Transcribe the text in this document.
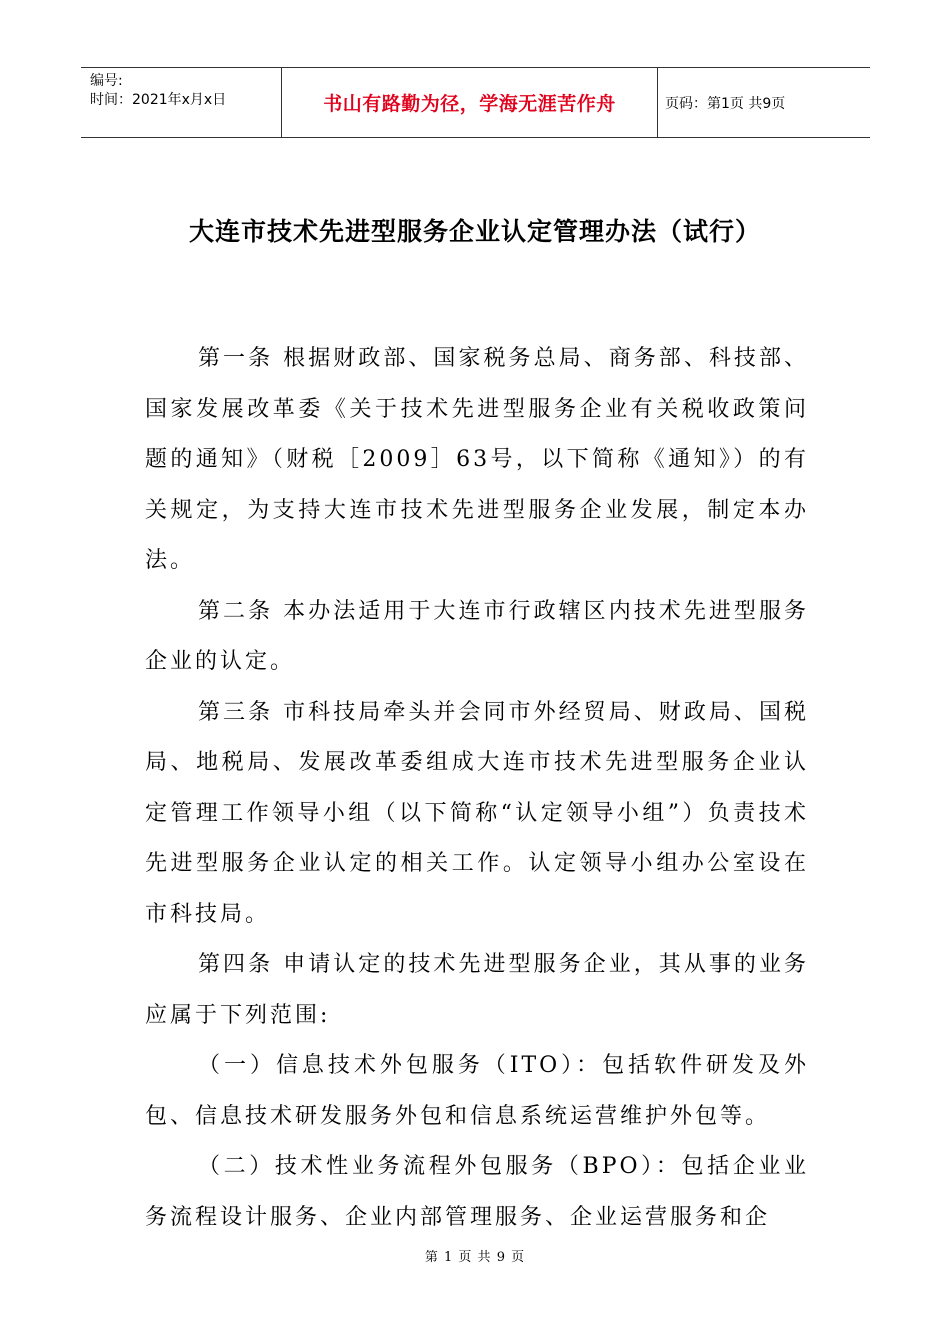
编号:
时间：2021年x月x日	书山有路勤为径，学海无涯苦作舟	页码：第1页 共9页
大连市技术先进型服务企业认定管理办法（试行）

第一条 根据财政部、国家税务总局、商务部、科技部、国家发展改革委《关于技术先进型服务企业有关税收政策问题的通知》（财税［2009］63号，以下简称《通知》）的有关规定，为支持大连市技术先进型服务企业发展，制定本办法。

第二条 本办法适用于大连市行政辖区内技术先进型服务企业的认定。

第三条 市科技局牵头并会同市外经贸局、财政局、国税局、地税局、发展改革委组成大连市技术先进型服务企业认定管理工作领导小组（以下简称“认定领导小组”）负责技术先进型服务企业认定的相关工作。认定领导小组办公室设在市科技局。

第四条 申请认定的技术先进型服务企业，其从事的业务应属于下列范围:

（一）信息技术外包服务（ITO）：包括软件研发及外包、信息技术研发服务外包和信息系统运营维护外包等。

（二）技术性业务流程外包服务（BPO）：包括企业业务流程设计服务、企业内部管理服务、企业运营服务和企

第 1 页 共 9 页
